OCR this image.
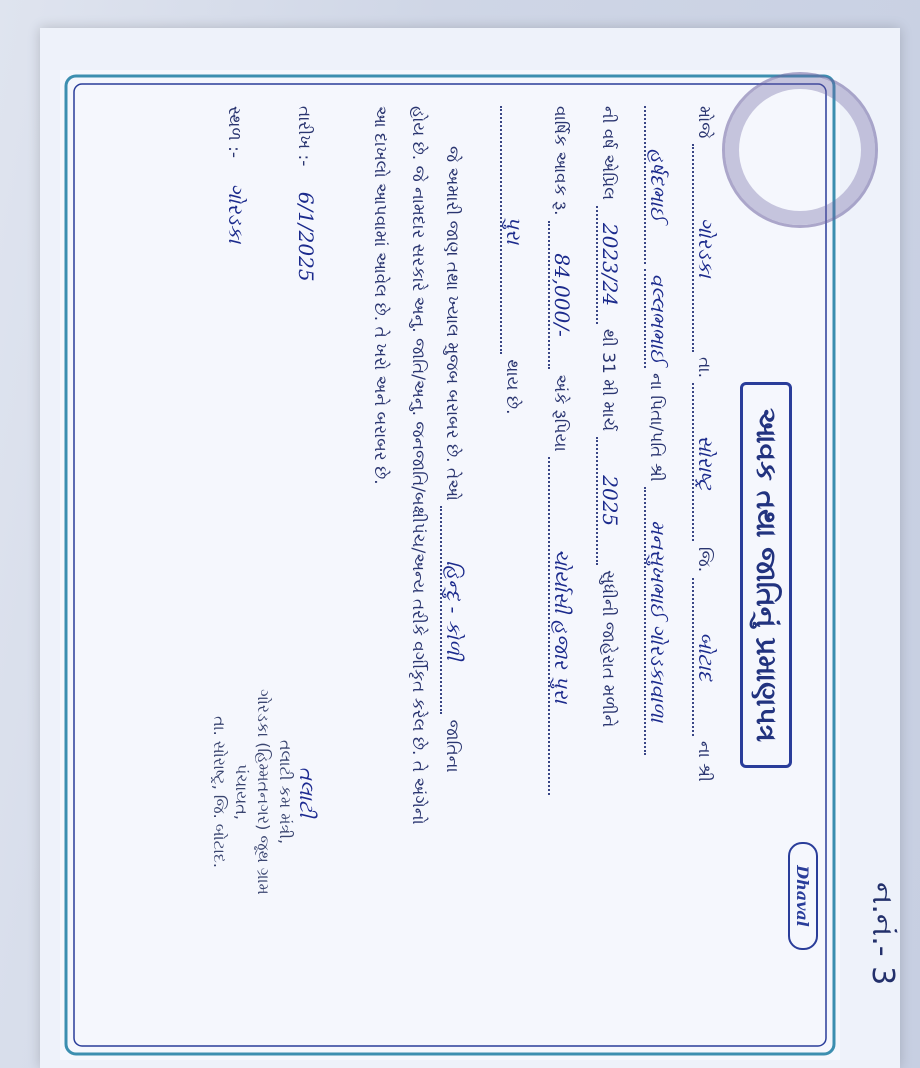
ન.નં.- 3
Dhaval
આવક તથા જાતિનું પ્રમાણપત્ર
મોજે ગોરડકા તા. સોરાષ્ટ્ર જિ. બોટાદ ના શ્રી
હર્ષદભાઈ વલ્લભભાઈ ના પિતા/પતિ શ્રી મનસુખભાઈ ગોરડકાવાળા
ની વર્ષ એપ્રિલ 2023/24 થી 31 મી માર્ચ 2025 સુધીની જાહેરાત મળીને
વાર્ષિક આવક રૂ. 84,000/- અંકે રૂપિયા ચોર્યાસી હજાર પુરા
પુરા થાય છે.
જે અમારી જાણ તથા ખ્યાલ મુજબ બરાબર છે. તેઓ હિન્દુ - કોળી જાતિના
હોય છે. જે નામદાર સરકારે અનુ. જાતિ/અનુ. જનજાતિ/બક્ષીપંચ/અન્ય તરીકે વર્ગીકૃત કરેલ છે. તે અંગેનો
આ દાખલો આપવામાં આવેલ છે. તે ખરો અને બરાબર છે.
તારીખ :- 6/1/2025
સ્થળ :- ગોરડકા
તલાટી
તલાટી કમ મંત્રી,
ગોરડકા (હિમ્મતનગર) જૂથ ગ્રામ પંચાયત,
તા. સોરાષ્ટ્ર, જિ. બોટાદ.
